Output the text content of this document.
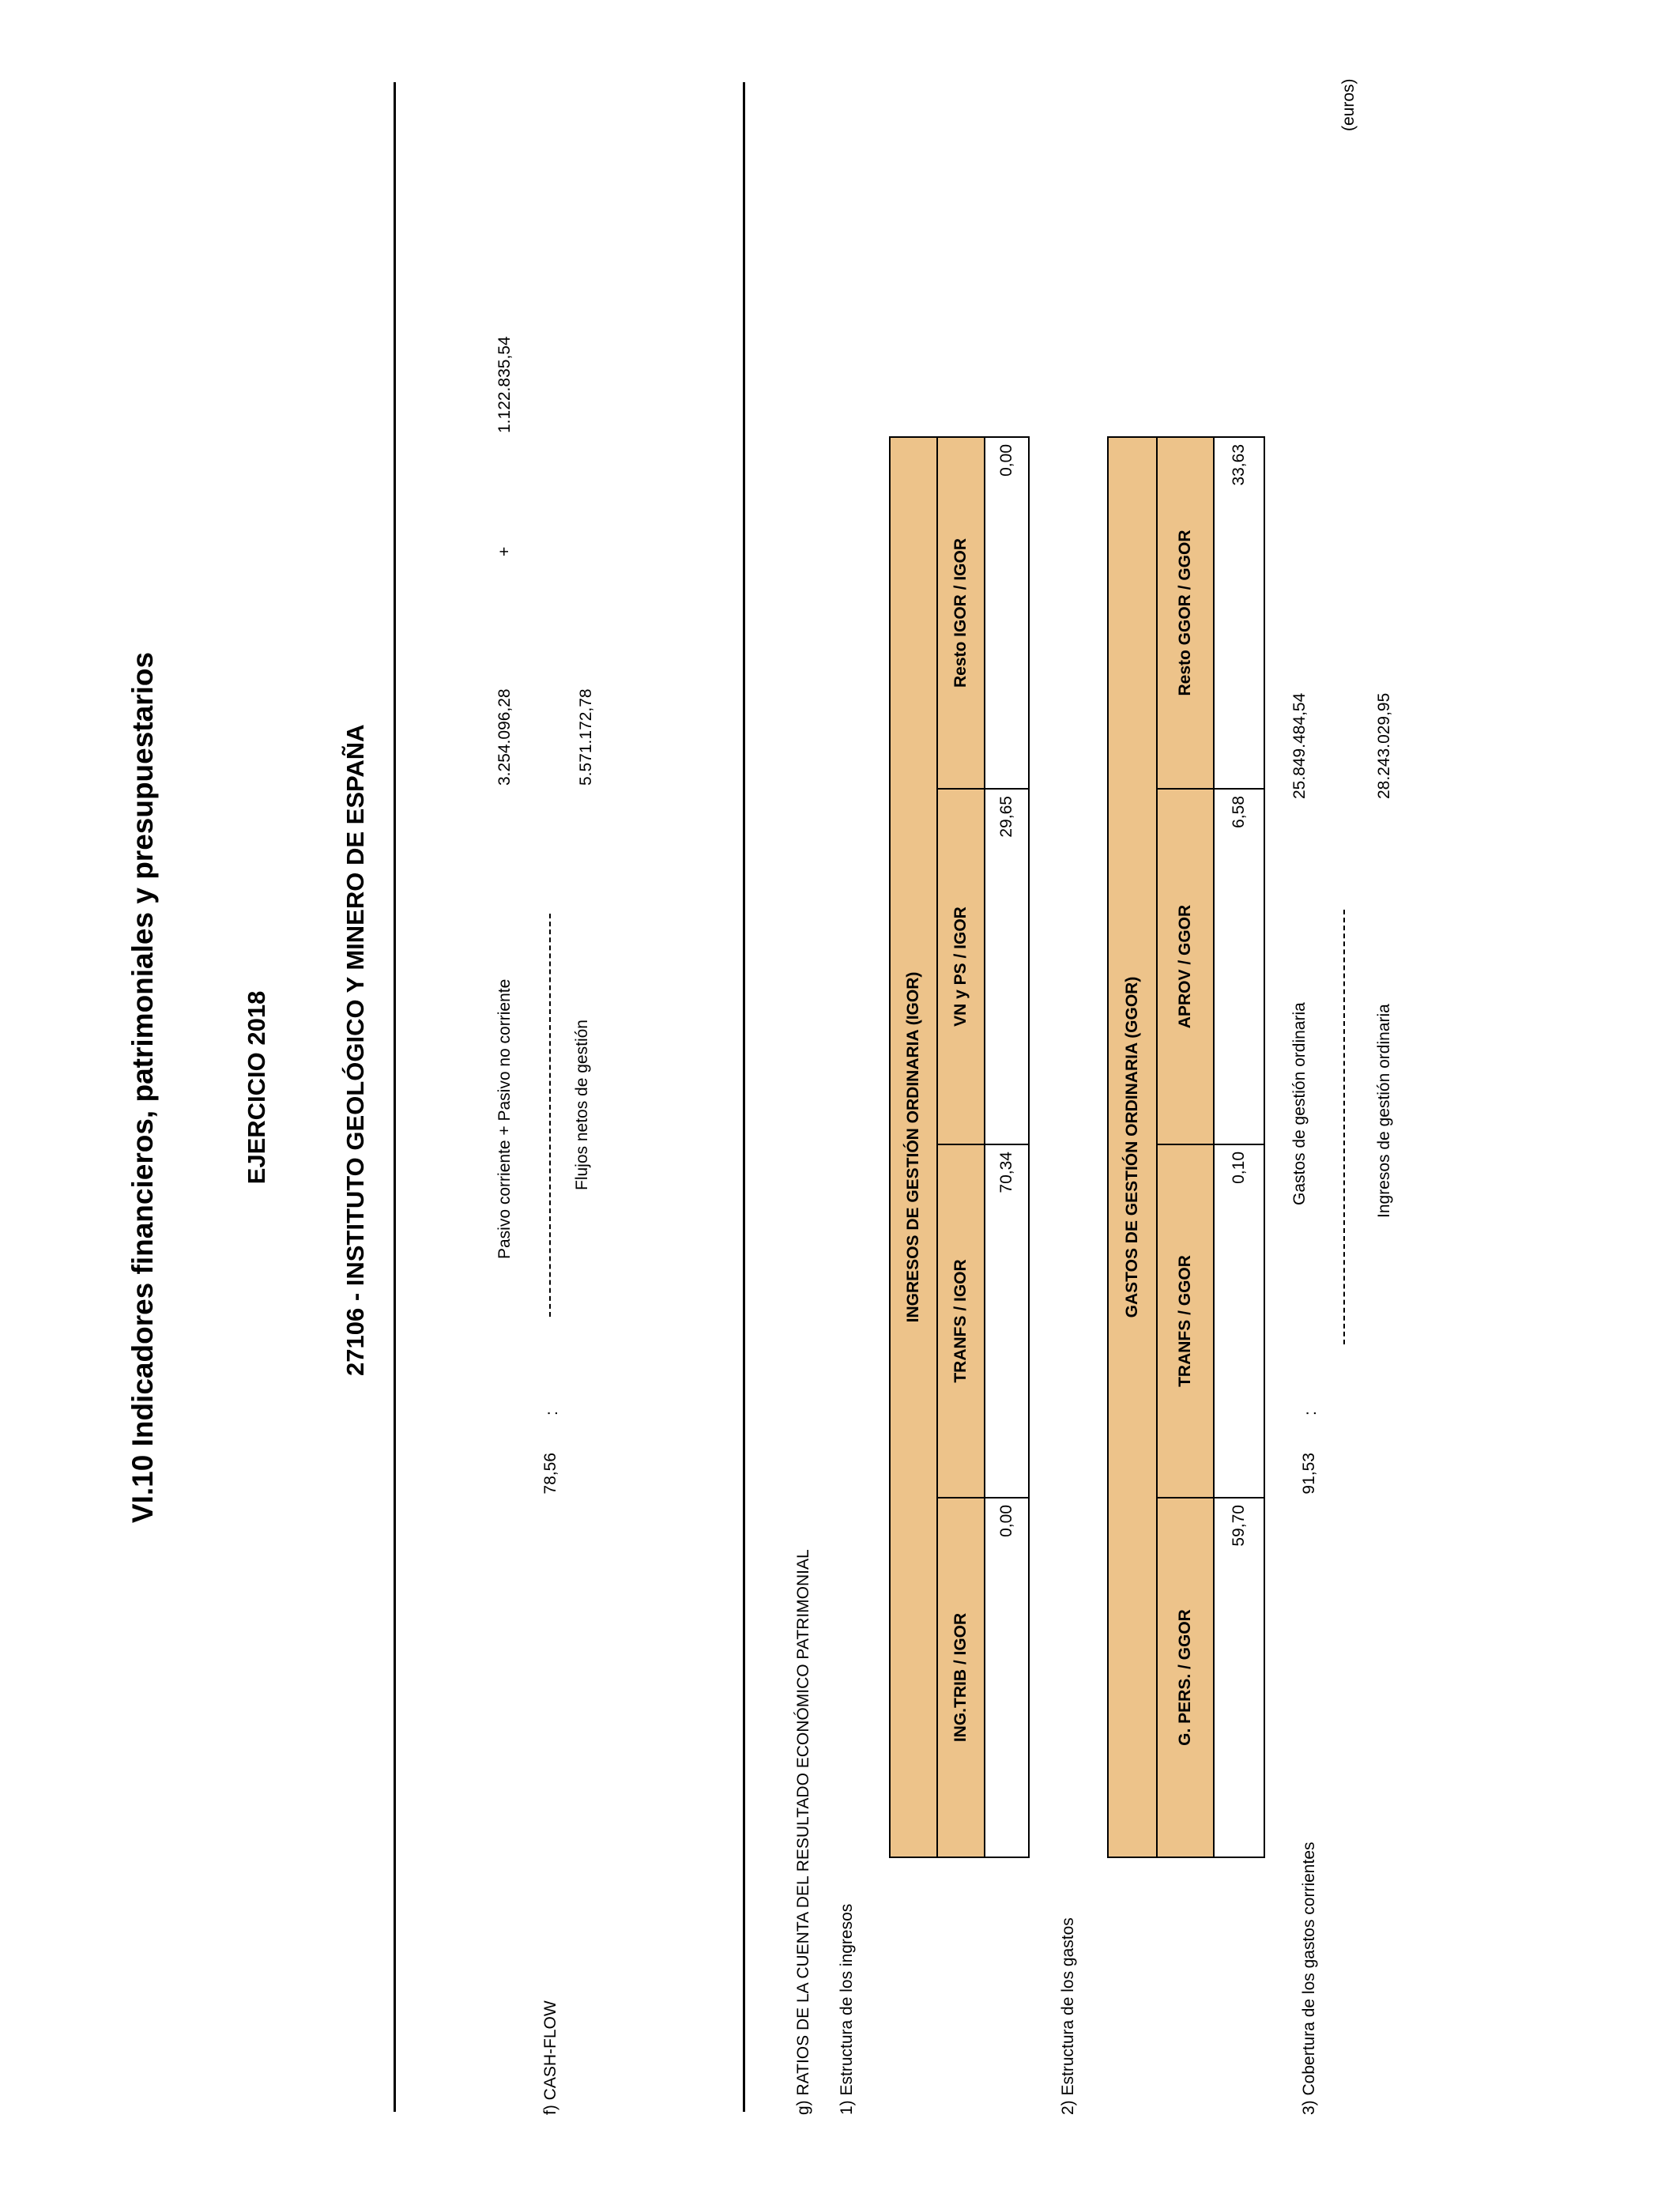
VI.10 Indicadores financieros, patrimoniales y presupuestarios	EJERCICIO 2018	27106 - INSTITUTO GEOLÓGICO Y MINERO DE ESPAÑA
(euros)
f) CASH-FLOW
78,56
:
Pasivo corriente + Pasivo no corriente
3.254.096,28
+
1.122.835,54
Flujos netos de gestión
5.571.172,78
g) RATIOS DE LA CUENTA DEL RESULTADO ECONÓMICO PATRIMONIAL 1) Estructura de los ingresos
INGRESOS DE GESTIÓN ORDINARIA (IGOR)			
ING.TRIB / IGOR	TRANFS / IGOR	VN y PS / IGOR	Resto IGOR / IGOR
0,00	70,34	29,65	0,00
2) Estructura de los gastos
GASTOS DE GESTIÓN ORDINARIA (GGOR)			
G. PERS. / GGOR	TRANFS / GGOR	APROV / GGOR	Resto GGOR / GGOR
59,70	0,10	6,58	33,63
3) Cobertura de los gastos corrientes
91,53
:
Gastos de gestión ordinaria
25.849.484,54
Ingresos de gestión ordinaria
28.243.029,95
